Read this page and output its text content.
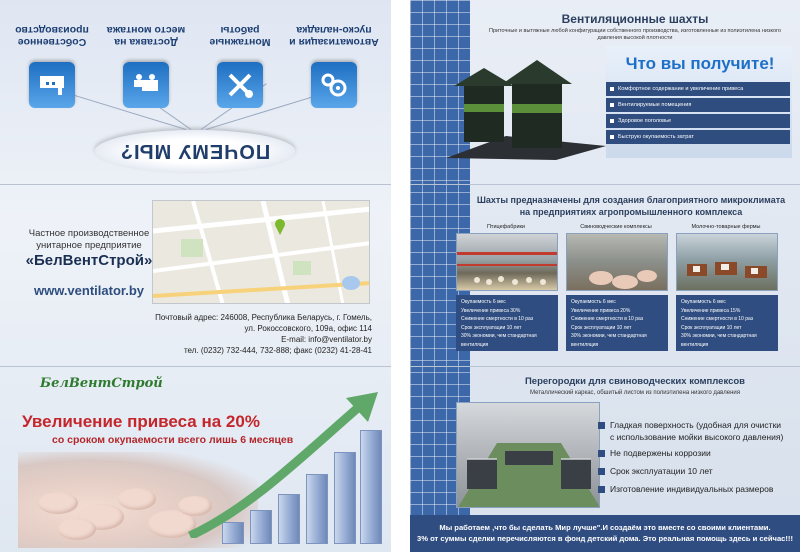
ПОЧЕМУ МЫ?
Автоматизация и пуско-наладка
Монтажные работы
Доставка на место монтажа
Собственное производство
Частное производственное
унитарное предприятие
«БелВентСтрой»
www.ventilator.by
Почтовый адрес: 246008, Республика Беларусь, г. Гомель,
ул. Рокоссовского, 109а, офис 114
E-mail: info@ventilator.by
тел. (0232) 732-444, 732-888; факс (0232) 41-28-41
БелВентСтрой
Увеличение привеса на 20%
со сроком окупаемости всего лишь 6 месяцев
Вентиляционные шахты
Приточные и вытяжные любой конфигурации собственного производства, изготовленные из полиэтилена низкого
давления высокой плотности
Что вы получите!
Комфортное содержание и увеличение привеса
Вентилируемые помещения
Здоровое поголовье
Быструю окупаемость затрат
Шахты предназначены для создания благоприятного микроклимата
на предприятиях агропромышленного комплекса
Птицефабрики	Свиноводческие комплексы	Молочно-товарные фермы
Окупаемость 6 мес
Увеличение привеса 30%
Снижение смертности в 10 раз
Срок эксплуатации 10 лет
30% экономии, чем стандартная
вентиляция
Окупаемость 6 мес
Увеличение привеса 20%
Снижение смертности в 10 раз
Срок эксплуатации 10 лет
30% экономии, чем стандартная
вентиляция
Окупаемость 6 мес
Увеличение привеса 15%
Снижение смертности в 10 раз
Срок эксплуатации 10 лет
30% экономии, чем стандартная
вентиляция
Перегородки для свиноводческих комплексов
Металлический каркас, обшитый листом из полиэтилена низкого давления
Гладкая поверхность (удобная для очистки
с использование мойки высокого давления)
Не подвержены коррозии
Срок эксплуатации 10 лет
Изготовление индивидуальных размеров
Мы работаем ,что бы сделать Мир лучше".И создаём это вместе со своими клиентами.
3% от суммы сделки перечисляются в фонд детский дома. Это реальная помощь здесь и сейчас!!!
